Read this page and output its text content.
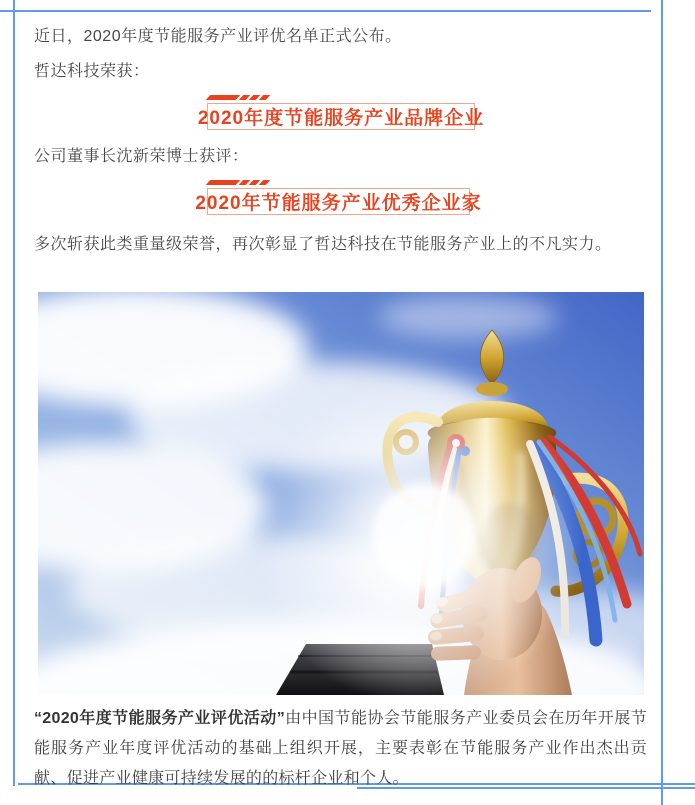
近日，2020年度节能服务产业评优名单正式公布。

哲达科技荣获：

2020年度节能服务产业品牌企业

公司董事长沈新荣博士获评：

2020年节能服务产业优秀企业家

多次斩获此类重量级荣誉，再次彰显了哲达科技在节能服务产业上的不凡实力。

“2020年度节能服务产业评优活动”由中国节能协会节能服务产业委员会在历年开展节能服务产业年度评优活动的基础上组织开展，主要表彰在节能服务产业作出杰出贡献、促进产业健康可持续发展的的标杆企业和个人。
